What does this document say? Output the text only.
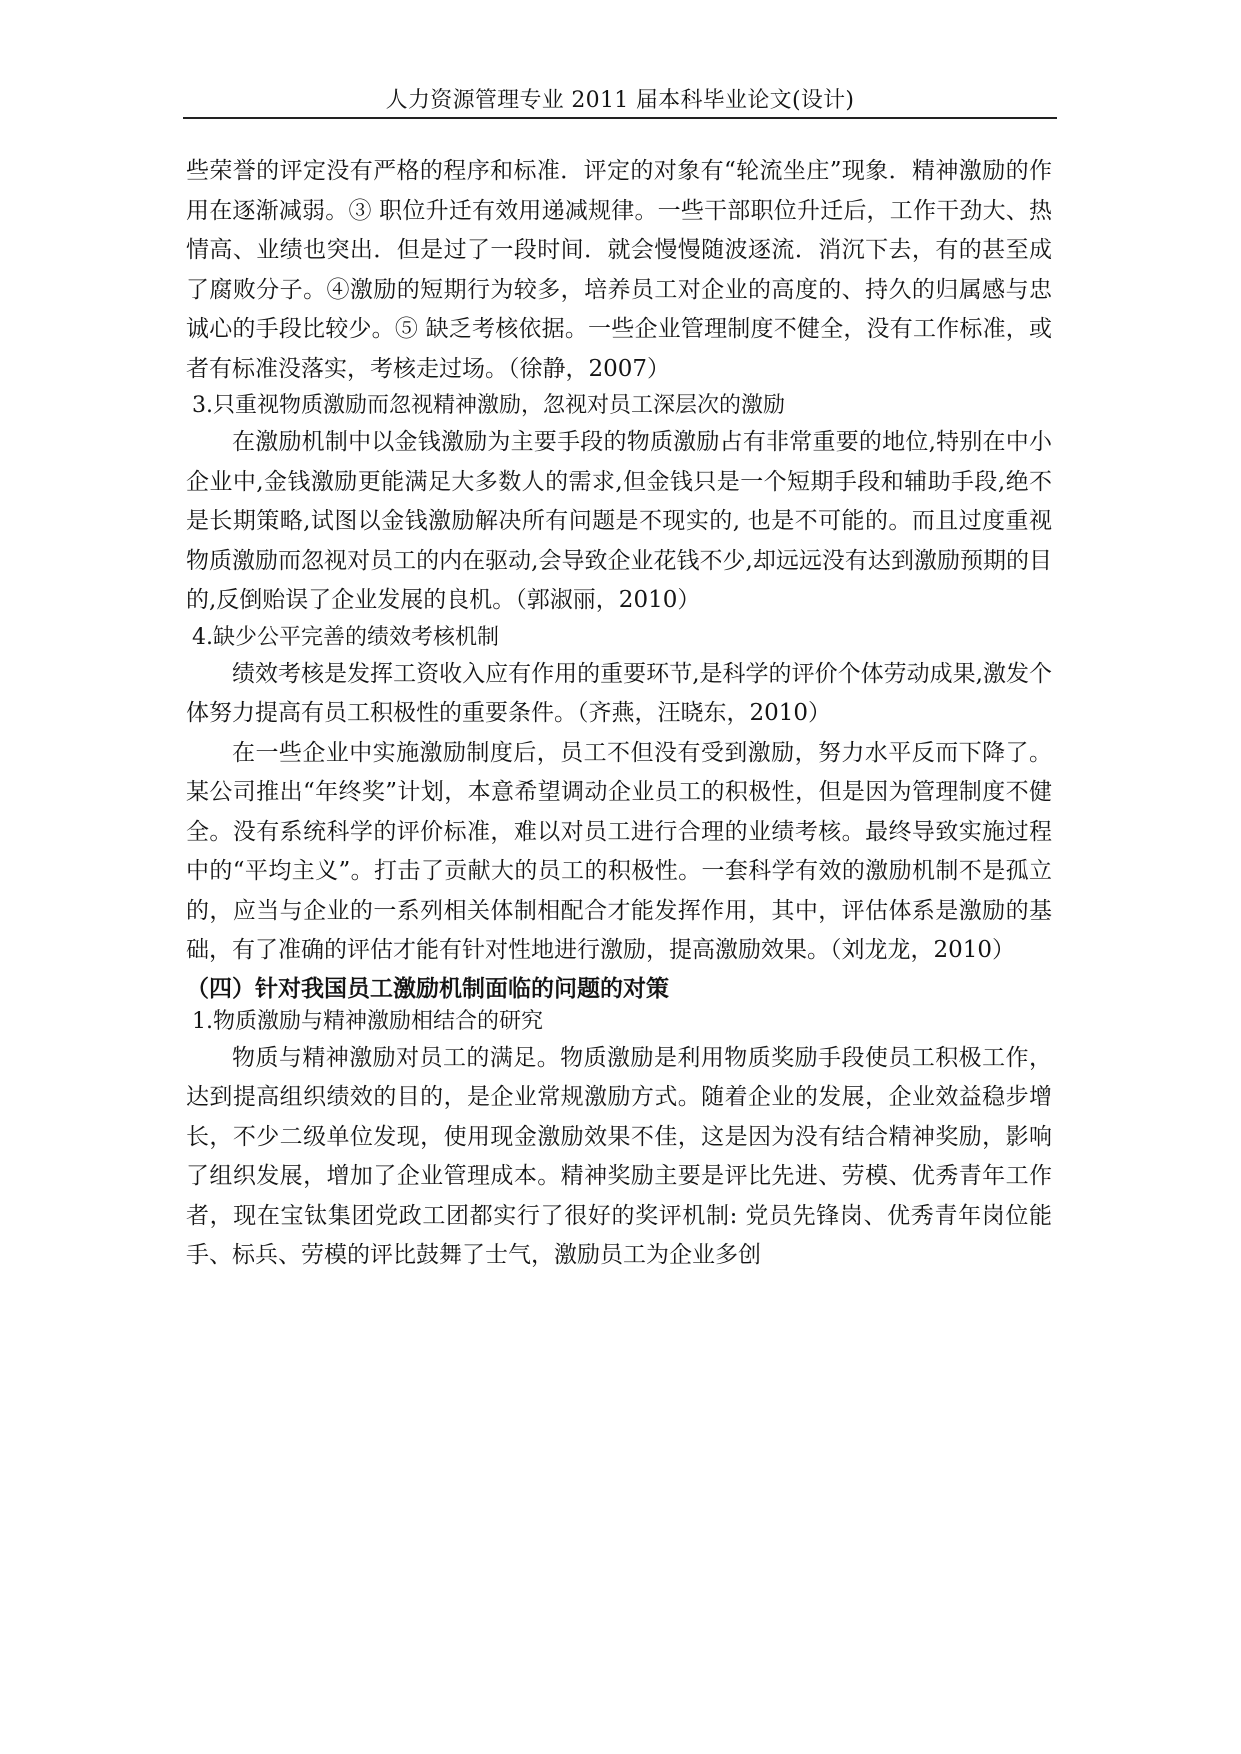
人力资源管理专业 2011 届本科毕业论文(设计)

些荣誉的评定没有严格的程序和标准．评定的对象有“轮流坐庄”现象．精神激励的作用在逐渐减弱。③ 职位升迁有效用递减规律。一些干部职位升迁后，工作干劲大、热情高、业绩也突出．但是过了一段时间．就会慢慢随波逐流．消沉下去，有的甚至成了腐败分子。④激励的短期行为较多，培养员工对企业的高度的、持久的归属感与忠诚心的手段比较少。⑤ 缺乏考核依据。一些企业管理制度不健全，没有工作标准，或者有标准没落实，考核走过场。（徐静，2007）

3.只重视物质激励而忽视精神激励，忽视对员工深层次的激励

在激励机制中以金钱激励为主要手段的物质激励占有非常重要的地位,特别在中小企业中,金钱激励更能满足大多数人的需求,但金钱只是一个短期手段和辅助手段,绝不是长期策略,试图以金钱激励解决所有问题是不现实的, 也是不可能的。而且过度重视物质激励而忽视对员工的内在驱动,会导致企业花钱不少,却远远没有达到激励预期的目的,反倒贻误了企业发展的良机。（郭淑丽，2010）

4.缺少公平完善的绩效考核机制

绩效考核是发挥工资收入应有作用的重要环节,是科学的评价个体劳动成果,激发个体努力提高有员工积极性的重要条件。（齐燕，汪晓东，2010）

在一些企业中实施激励制度后，员工不但没有受到激励，努力水平反而下降了。某公司推出“年终奖”计划，本意希望调动企业员工的积极性，但是因为管理制度不健全。没有系统科学的评价标准，难以对员工进行合理的业绩考核。最终导致实施过程中的“平均主义”。打击了贡献大的员工的积极性。一套科学有效的激励机制不是孤立的，应当与企业的一系列相关体制相配合才能发挥作用，其中，评估体系是激励的基础，有了准确的评估才能有针对性地进行激励，提高激励效果。（刘龙龙，2010）

（四）针对我国员工激励机制面临的问题的对策
1.物质激励与精神激励相结合的研究

物质与精神激励对员工的满足。物质激励是利用物质奖励手段使员工积极工作，达到提高组织绩效的目的，是企业常规激励方式。随着企业的发展，企业效益稳步增长，不少二级单位发现，使用现金激励效果不佳，这是因为没有结合精神奖励，影响了组织发展，增加了企业管理成本。精神奖励主要是评比先进、劳模、优秀青年工作者，现在宝钛集团党政工团都实行了很好的奖评机制: 党员先锋岗、优秀青年岗位能手、标兵、劳模的评比鼓舞了士气，激励员工为企业多创
